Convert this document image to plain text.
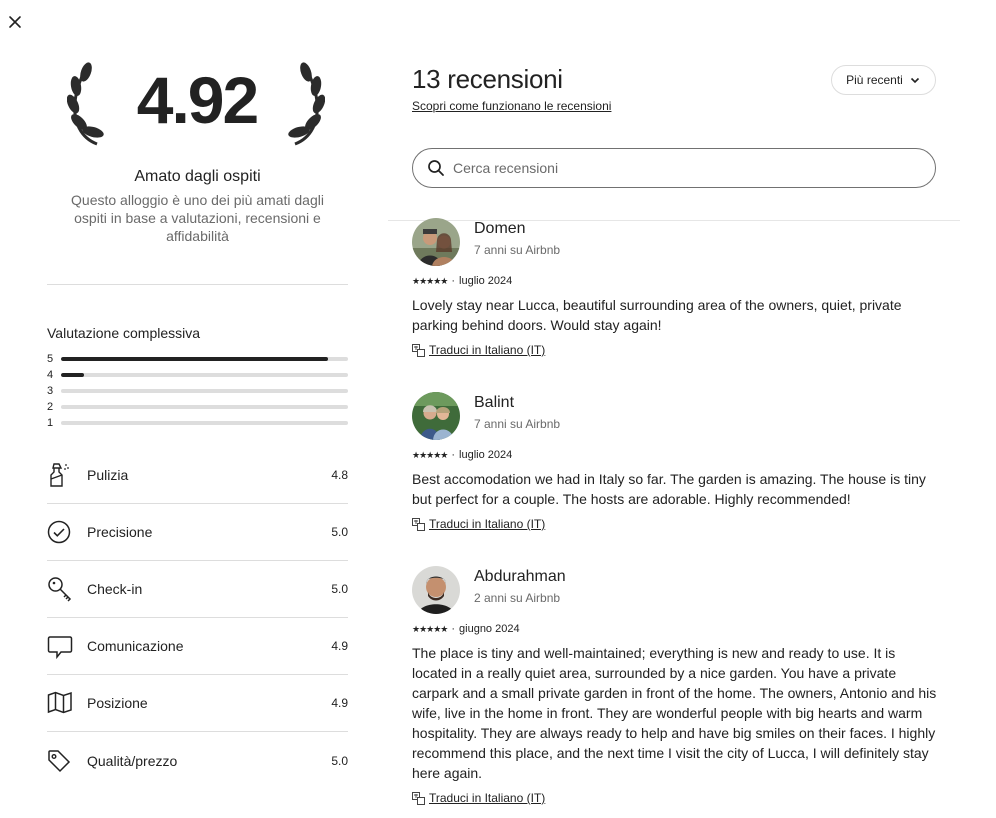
4.92
Amato dagli ospiti
Questo alloggio è uno dei più amati dagli ospiti in base a valutazioni, recensioni e affidabilità
Valutazione complessiva
5
4
3
2
1
Pulizia	4.8
Precisione	5.0
Check-in	5.0
Comunicazione	4.9
Posizione	4.9
Qualità/prezzo	5.0
13 recensioni
Scopri come funzionano le recensioni
Più recenti
Cerca recensioni
Domen
7 anni su Airbnb
★★★★★ · luglio 2024
Lovely stay near Lucca, beautiful surrounding area of the owners, quiet, private parking behind doors. Would stay again!
Traduci in Italiano (IT)
Balint
7 anni su Airbnb
★★★★★ · luglio 2024
Best accomodation we had in Italy so far. The garden is amazing. The house is tiny but perfect for a couple. The hosts are adorable. Highly recommended!
Traduci in Italiano (IT)
Abdurahman
2 anni su Airbnb
★★★★★ · giugno 2024
The place is tiny and well-maintained; everything is new and ready to use. It is located in a really quiet area, surrounded by a nice garden. You have a private carpark and a small private garden in front of the home. The owners, Antonio and his wife, live in the home in front. They are wonderful people with big hearts and warm hospitality. They are always ready to help and have big smiles on their faces. I highly recommend this place, and the next time I visit the city of Lucca, I will definitely stay here again.
Traduci in Italiano (IT)
